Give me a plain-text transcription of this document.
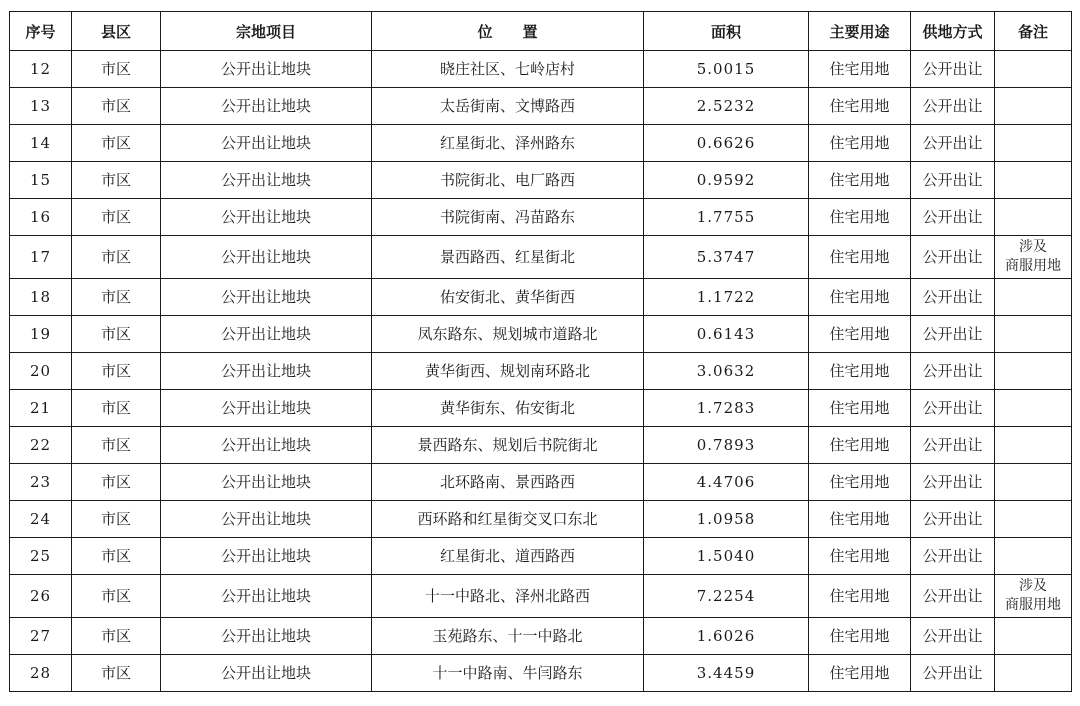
序号	县区	宗地项目	位　　置	面积	主要用途	供地方式	备注
12	市区	公开出让地块	晓庄社区、七岭店村	5.0015	住宅用地	公开出让	
13	市区	公开出让地块	太岳街南、文博路西	2.5232	住宅用地	公开出让	
14	市区	公开出让地块	红星街北、泽州路东	0.6626	住宅用地	公开出让	
15	市区	公开出让地块	书院街北、电厂路西	0.9592	住宅用地	公开出让	
16	市区	公开出让地块	书院街南、冯苗路东	1.7755	住宅用地	公开出让	
17	市区	公开出让地块	景西路西、红星街北	5.3747	住宅用地	公开出让	涉及
商服用地
18	市区	公开出让地块	佑安街北、黄华街西	1.1722	住宅用地	公开出让	
19	市区	公开出让地块	凤东路东、规划城市道路北	0.6143	住宅用地	公开出让	
20	市区	公开出让地块	黄华街西、规划南环路北	3.0632	住宅用地	公开出让	
21	市区	公开出让地块	黄华街东、佑安街北	1.7283	住宅用地	公开出让	
22	市区	公开出让地块	景西路东、规划后书院街北	0.7893	住宅用地	公开出让	
23	市区	公开出让地块	北环路南、景西路西	4.4706	住宅用地	公开出让	
24	市区	公开出让地块	西环路和红星街交叉口东北	1.0958	住宅用地	公开出让	
25	市区	公开出让地块	红星街北、道西路西	1.5040	住宅用地	公开出让	
26	市区	公开出让地块	十一中路北、泽州北路西	7.2254	住宅用地	公开出让	涉及
商服用地
27	市区	公开出让地块	玉苑路东、十一中路北	1.6026	住宅用地	公开出让	
28	市区	公开出让地块	十一中路南、牛闫路东	3.4459	住宅用地	公开出让	
